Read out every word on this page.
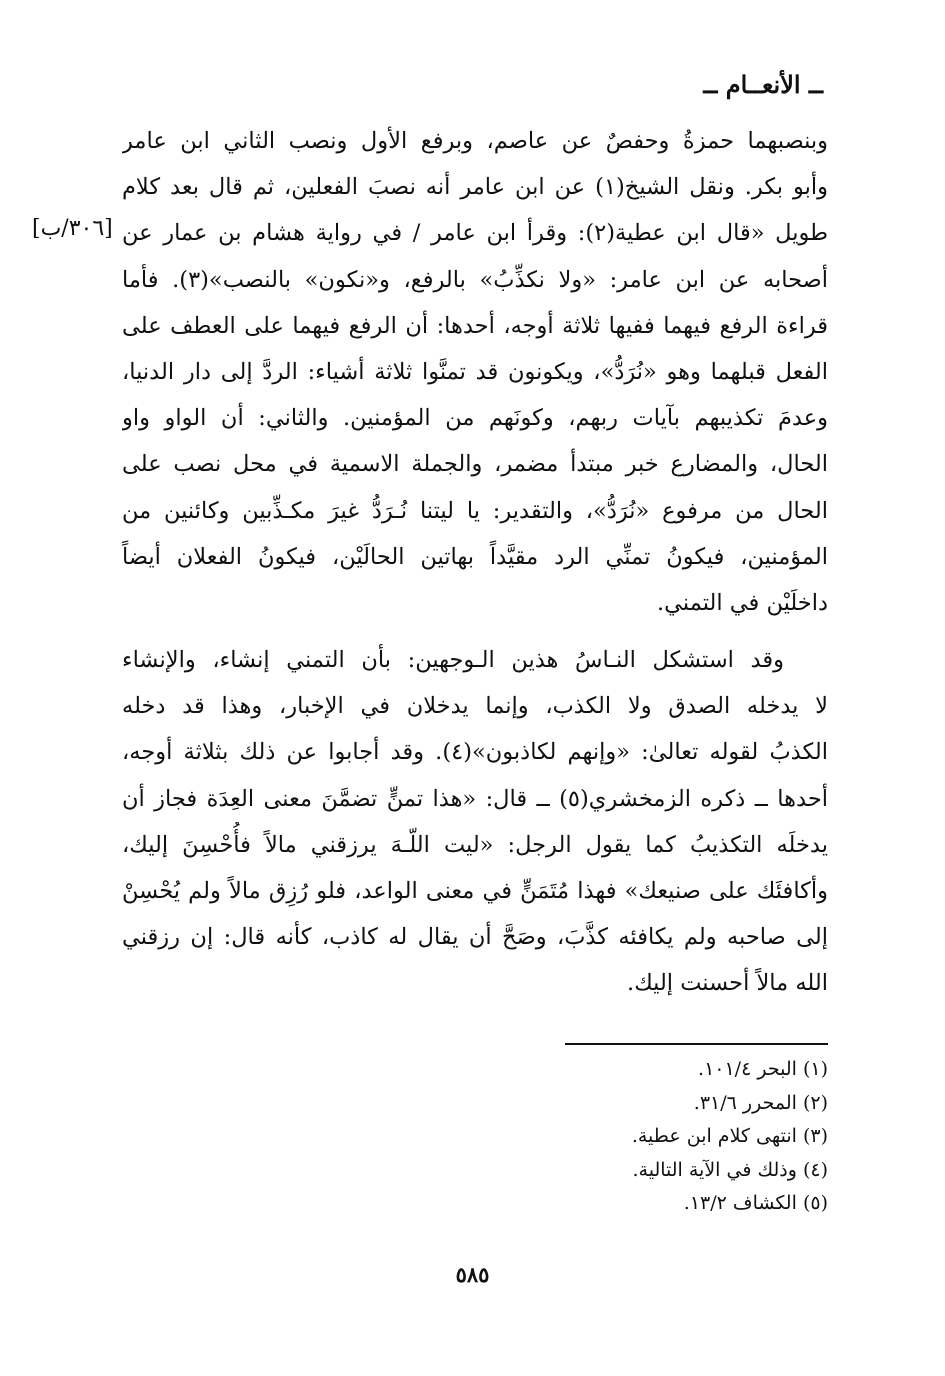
ــ الأنعــام ــ
[٣٠٦/ب]
وبنصبهما حمزةُ وحفصٌ عن عاصم، وبرفع الأول ونصب الثاني ابن عامر
وأبو بكر. ونقل الشيخ(١) عن ابن عامر أنه نصبَ الفعلين، ثم قال بعد كلام
طويل «قال ابن عطية(٢): وقرأ ابن عامر / في رواية هشام بن عمار عن
أصحابه عن ابن عامر: «ولا نكذِّبُ» بالرفع، و«نكون» بالنصب»(٣). فأما
قراءة الرفع فيهما ففيها ثلاثة أوجه، أحدها: أن الرفع فيهما على العطف على
الفعل قبلهما وهو «نُرَدُّ»، ويكونون قد تمنَّوا ثلاثة أشياء: الردَّ إلى دار الدنيا،
وعدمَ تكذيبهم بآيات ربهم، وكونَهم من المؤمنين. والثاني: أن الواو واو
الحال، والمضارع خبر مبتدأ مضمر، والجملة الاسمية في محل نصب على
الحال من مرفوع «نُرَدُّ»، والتقدير: يا ليتنا نُـرَدُّ غيرَ مكـذِّبين وكائنين من
المؤمنين، فيكونُ تمنِّي الرد مقيَّداً بهاتين الحالَيْن، فيكونُ الفعلان أيضاً
داخلَيْن في التمني.
وقد استشكل النـاسُ هذين الـوجهين: بأن التمني إنشاء، والإنشاء
لا يدخله الصدق ولا الكذب، وإنما يدخلان في الإخبار، وهذا قد دخله
الكذبُ لقوله تعالىٰ: «وإنهم لكاذبون»(٤). وقد أجابوا عن ذلك بثلاثة أوجه،
أحدها ــ ذكره الزمخشري(٥) ــ قال: «هذا تمنٍّ تضمَّنَ معنى العِدَة فجاز أن
يدخلَه التكذيبُ كما يقول الرجل: «ليت اللّـهَ يرزقني مالاً فأُحْسِنَ إليك،
وأكافئَك على صنيعك» فهذا مُتَمَنٍّ في معنى الواعد، فلو رُزِق مالاً ولم يُحْسِنْ
إلى صاحبه ولم يكافئه كذَّبَ، وصَحَّ أن يقال له كاذب، كأنه قال: إن رزقني
الله مالاً أحسنت إليك.
(١) البحر ١٠١/٤.
(٢) المحرر ٣١/٦.
(٣) انتهى كلام ابن عطية.
(٤) وذلك في الآية التالية.
(٥) الكشاف ١٣/٢.
٥٨٥
